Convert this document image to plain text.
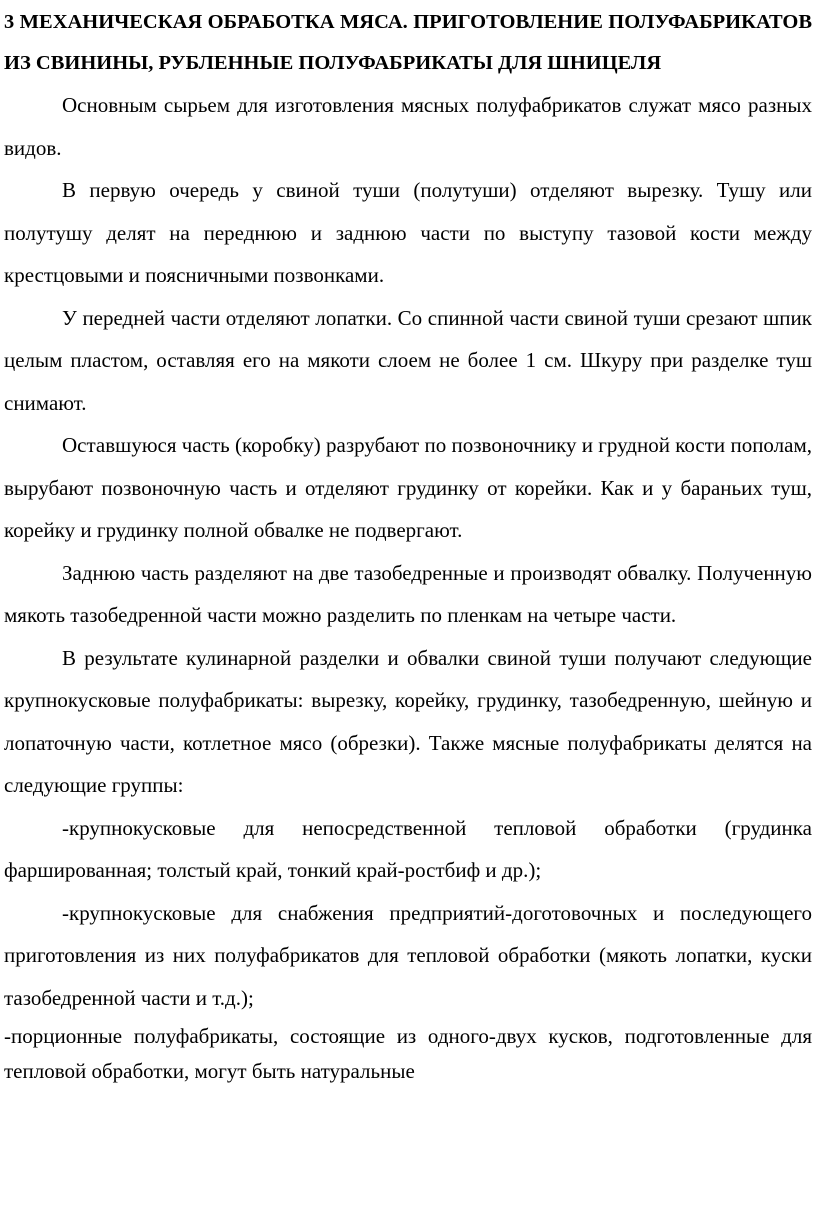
3 МЕХАНИЧЕСКАЯ ОБРАБОТКА МЯСА. ПРИГОТОВЛЕНИЕ ПОЛУФАБРИКАТОВ ИЗ СВИНИНЫ, РУБЛЕННЫЕ ПОЛУФАБРИКАТЫ ДЛЯ ШНИЦЕЛЯ

Основным сырьем для изготовления мясных полуфабрикатов служат мясо разных видов.

В первую очередь у свиной туши (полутуши) отделяют вырезку. Тушу или полутушу делят на переднюю и заднюю части по выступу тазовой кости между крестцовыми и поясничными позвонками.

У передней части отделяют лопатки. Со спинной части свиной туши срезают шпик целым пластом, оставляя его на мякоти слоем не более 1 см. Шкуру при разделке туш снимают.

Оставшуюся часть (коробку) разрубают по позвоночнику и грудной кости пополам, вырубают позвоночную часть и отделяют грудинку от корейки. Как и у бараньих туш, корейку и грудинку полной обвалке не подвергают.

Заднюю часть разделяют на две тазобедренные и производят обвалку. Полученную мякоть тазобедренной части можно разделить по пленкам на четыре части.

В результате кулинарной разделки и обвалки свиной туши получают следующие крупнокусковые полуфабрикаты: вырезку, корейку, грудинку, тазобедренную, шейную и лопаточную части, котлетное мясо (обрезки). Также мясные полуфабрикаты делятся на следующие группы:

-крупнокусковые для непосредственной тепловой обработки (грудинка фаршированная; толстый край, тонкий край-ростбиф и др.);

-крупнокусковые для снабжения предприятий-доготовочных и последующего приготовления из них полуфабрикатов для тепловой обработки (мякоть лопатки, куски тазобедренной части и т.д.);

-порционные полуфабрикаты, состоящие из одного-двух кусков, подготовленные для тепловой обработки, могут быть натуральные
